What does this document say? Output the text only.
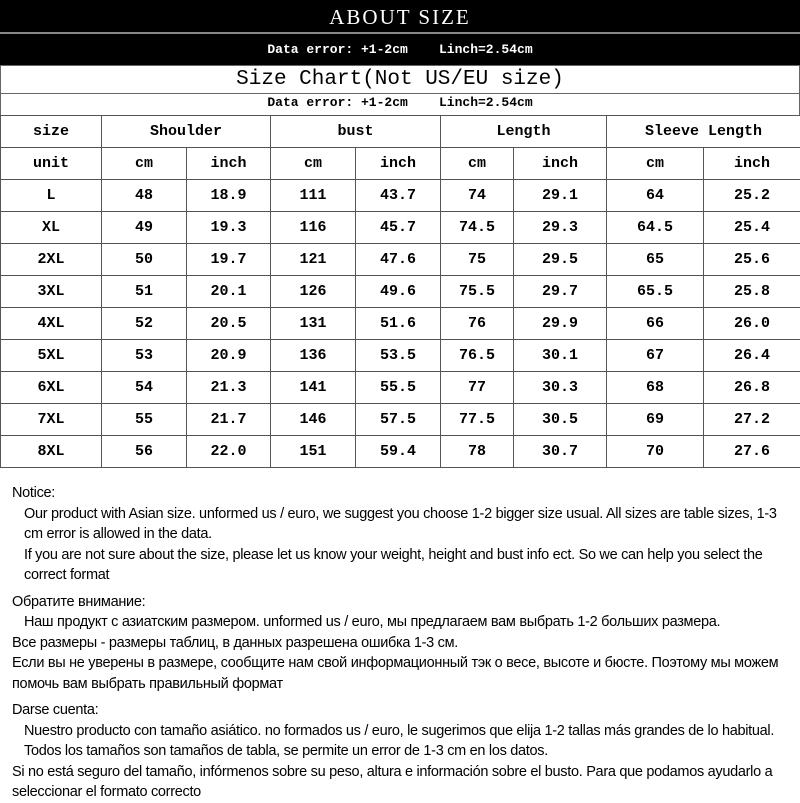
ABOUT SIZE
Data error: +1-2cm    Linch=2.54cm
Size Chart(Not US/EU size)
Data error: +1-2cm    Linch=2.54cm
size	Shoulder		bust		Length		Sleeve Length	
unit	cm	inch	cm	inch	cm	inch	cm	inch
L	48	18.9	111	43.7	74	29.1	64	25.2
XL	49	19.3	116	45.7	74.5	29.3	64.5	25.4
2XL	50	19.7	121	47.6	75	29.5	65	25.6
3XL	51	20.1	126	49.6	75.5	29.7	65.5	25.8
4XL	52	20.5	131	51.6	76	29.9	66	26.0
5XL	53	20.9	136	53.5	76.5	30.1	67	26.4
6XL	54	21.3	141	55.5	77	30.3	68	26.8
7XL	55	21.7	146	57.5	77.5	30.5	69	27.2
8XL	56	22.0	151	59.4	78	30.7	70	27.6

Notice:

Our product with Asian size. unformed us / euro, we suggest you choose 1-2 bigger size usual. All sizes are table sizes, 1-3 cm error is allowed in the data.

If you are not sure about the size, please let us know your weight, height and bust info ect. So we can help you select the correct format

Обратите внимание:

Наш продукт с азиатским размером. unformed us / euro, мы предлагаем вам выбрать 1-2 больших размера.

Все размеры - размеры таблиц, в данных разрешена ошибка 1-3 см.

Если вы не уверены в размере, сообщите нам свой информационный тэк о весе, высоте и бюсте. Поэтому мы можем помочь вам выбрать правильный формат

Darse cuenta:

Nuestro producto con tamaño asiático. no formados us / euro, le sugerimos que elija 1-2 tallas más grandes de lo habitual. Todos los tamaños son tamaños de tabla, se permite un error de 1-3 cm en los datos.

Si no está seguro del tamaño, infórmenos sobre su peso, altura e información sobre el busto. Para que podamos ayudarlo a seleccionar el formato correcto
